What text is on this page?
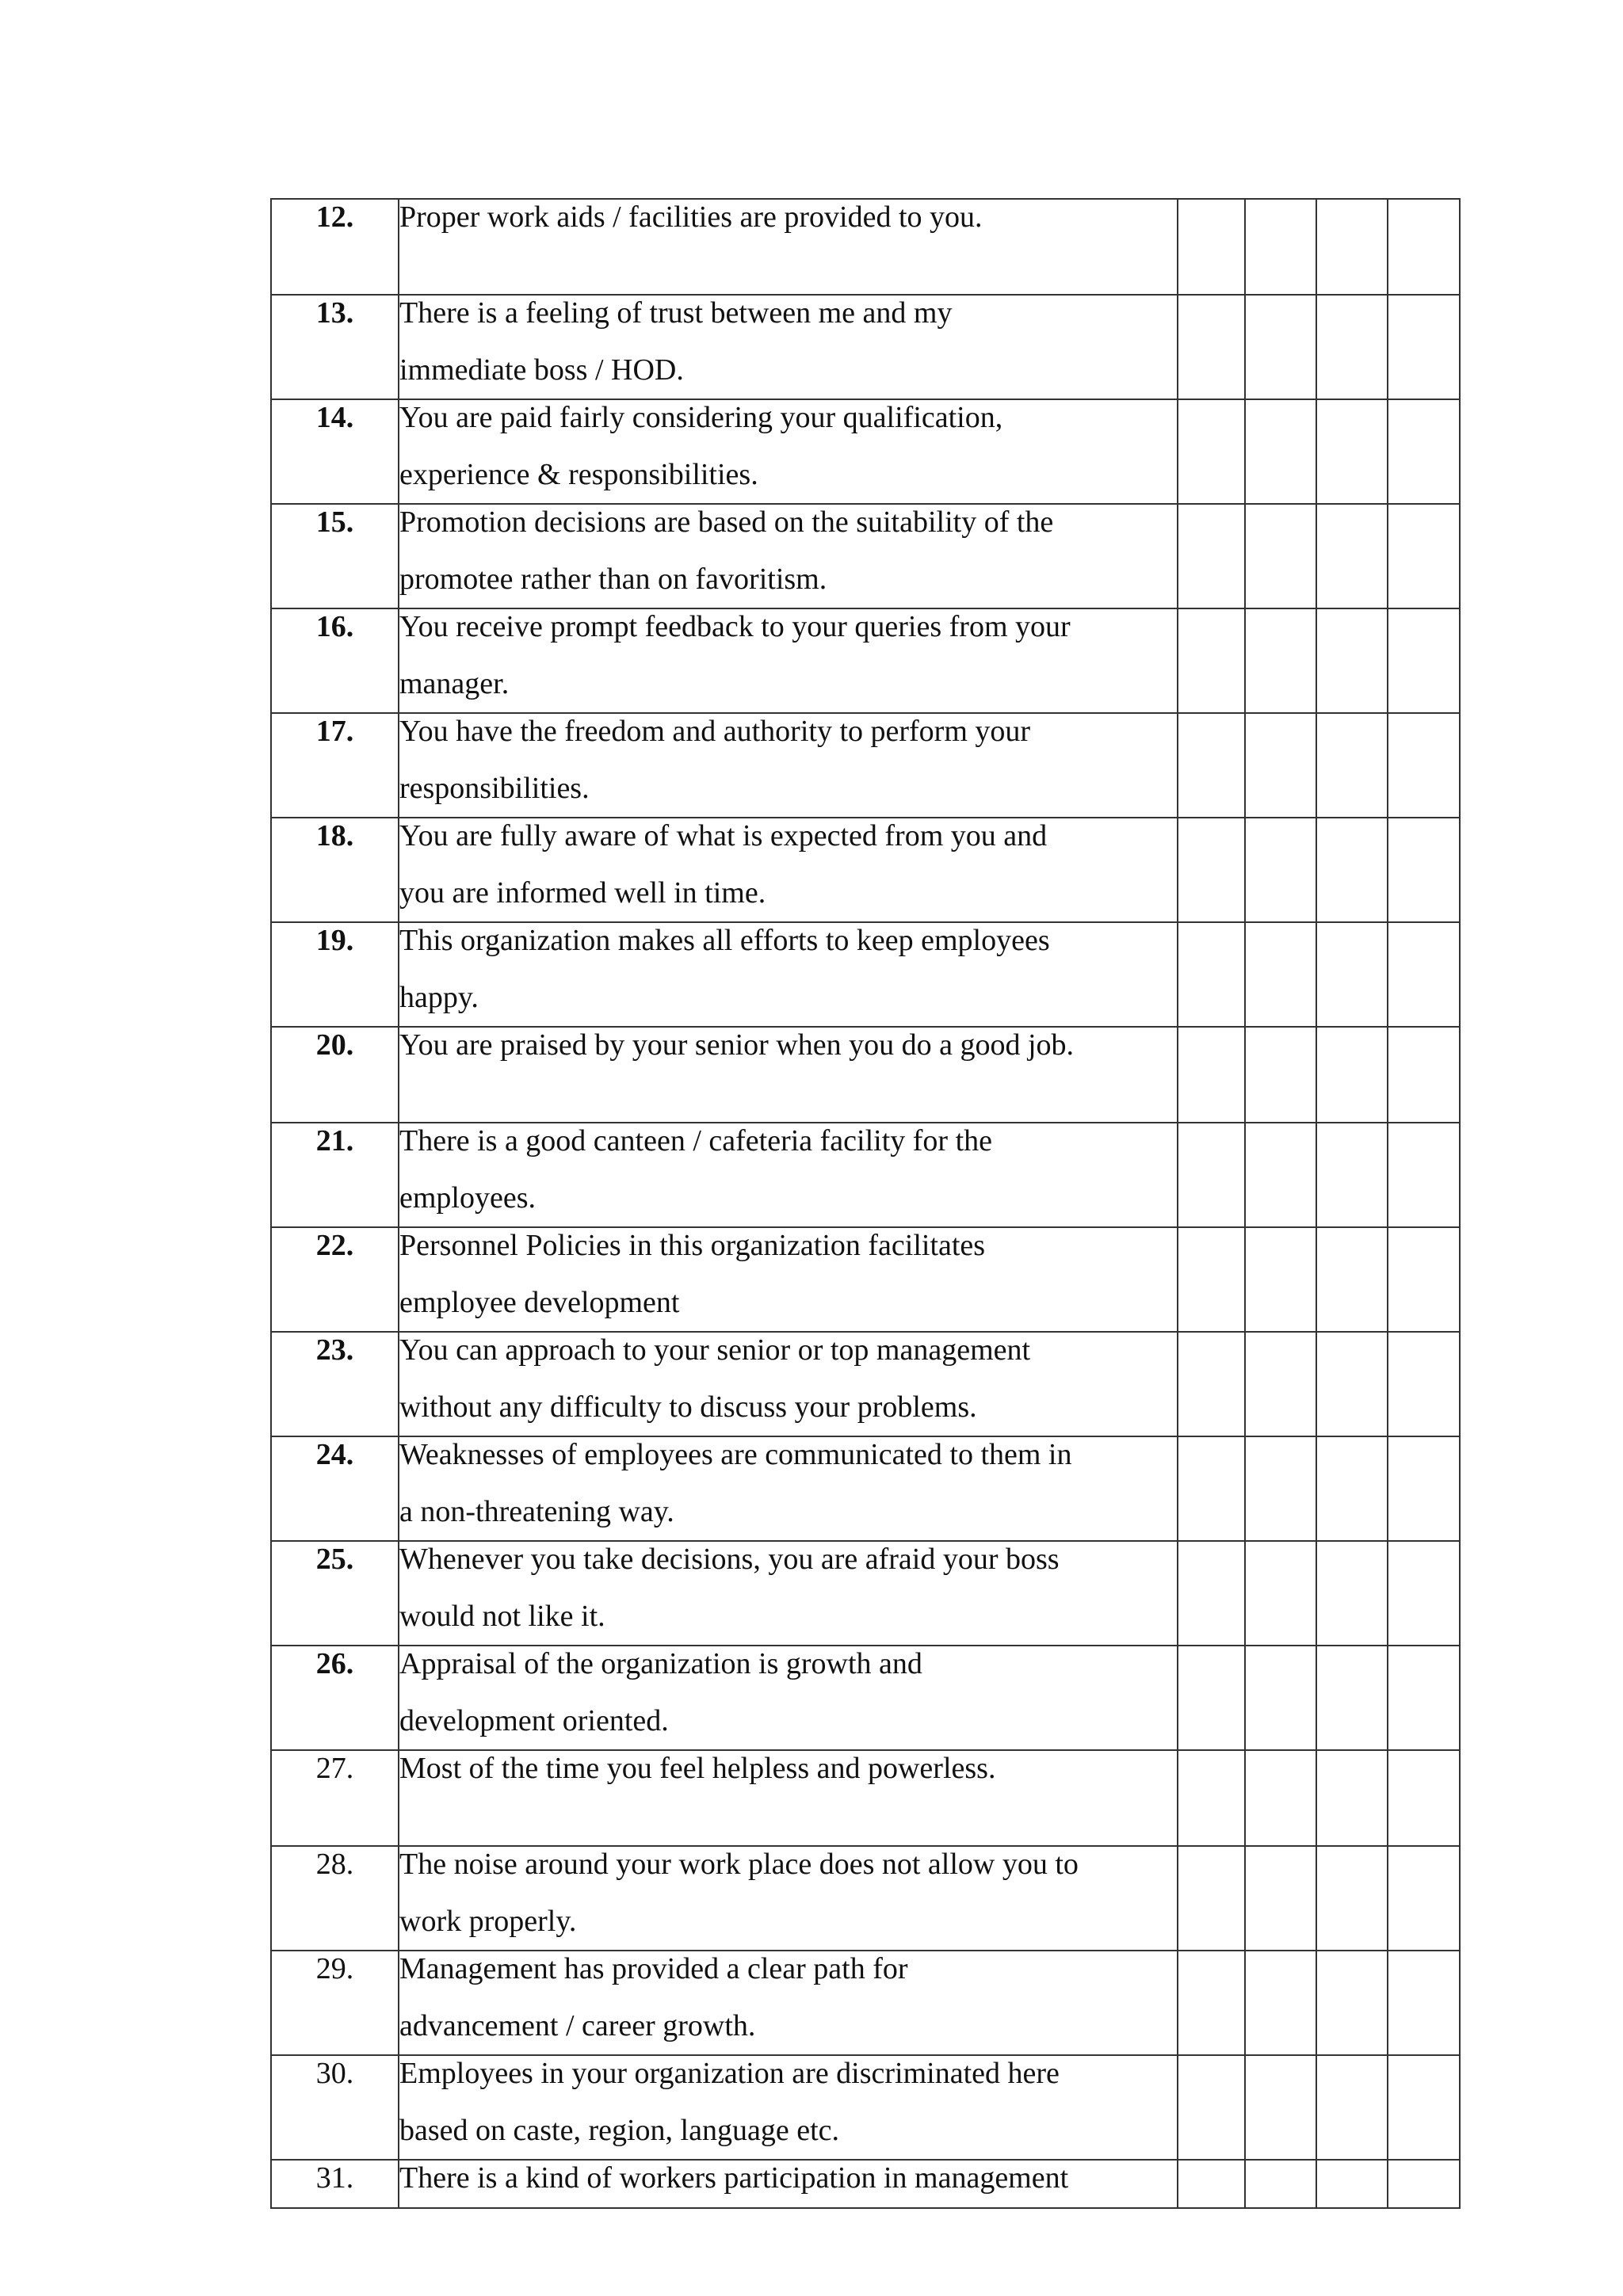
12.	Proper work aids / facilities are provided to you.				

13.	There is a feeling of trust between me and my
immediate boss / HOD.				

14.	You are paid fairly considering your qualification,
experience & responsibilities.				

15.	Promotion decisions are based on the suitability of the
promotee rather than on favoritism.				

16.	You receive prompt feedback to your queries from your
manager.				

17.	You have the freedom and authority to perform your
responsibilities.				

18.	You are fully aware of what is expected from you and
you are informed well in time.				

19.	This organization makes all efforts to keep employees
happy.				

20.	You are praised by your senior when you do a good job.				

21.	There is a good canteen / cafeteria facility for the
employees.				

22.	Personnel Policies in this organization facilitates
employee development				

23.	You can approach to your senior or top management
without any difficulty to discuss your problems.				

24.	Weaknesses of employees are communicated to them in
a non-threatening way.				

25.	Whenever you take decisions, you are afraid your boss
would not like it.				

26.	Appraisal of the organization is growth and
development oriented.				

27.	Most of the time you feel helpless and powerless.				

28.	The noise around your work place does not allow you to
work properly.				

29.	Management has provided a clear path for
advancement / career growth.				

30.	Employees in your organization are discriminated here
based on caste, region, language etc.				

31.	There is a kind of workers participation in management				
